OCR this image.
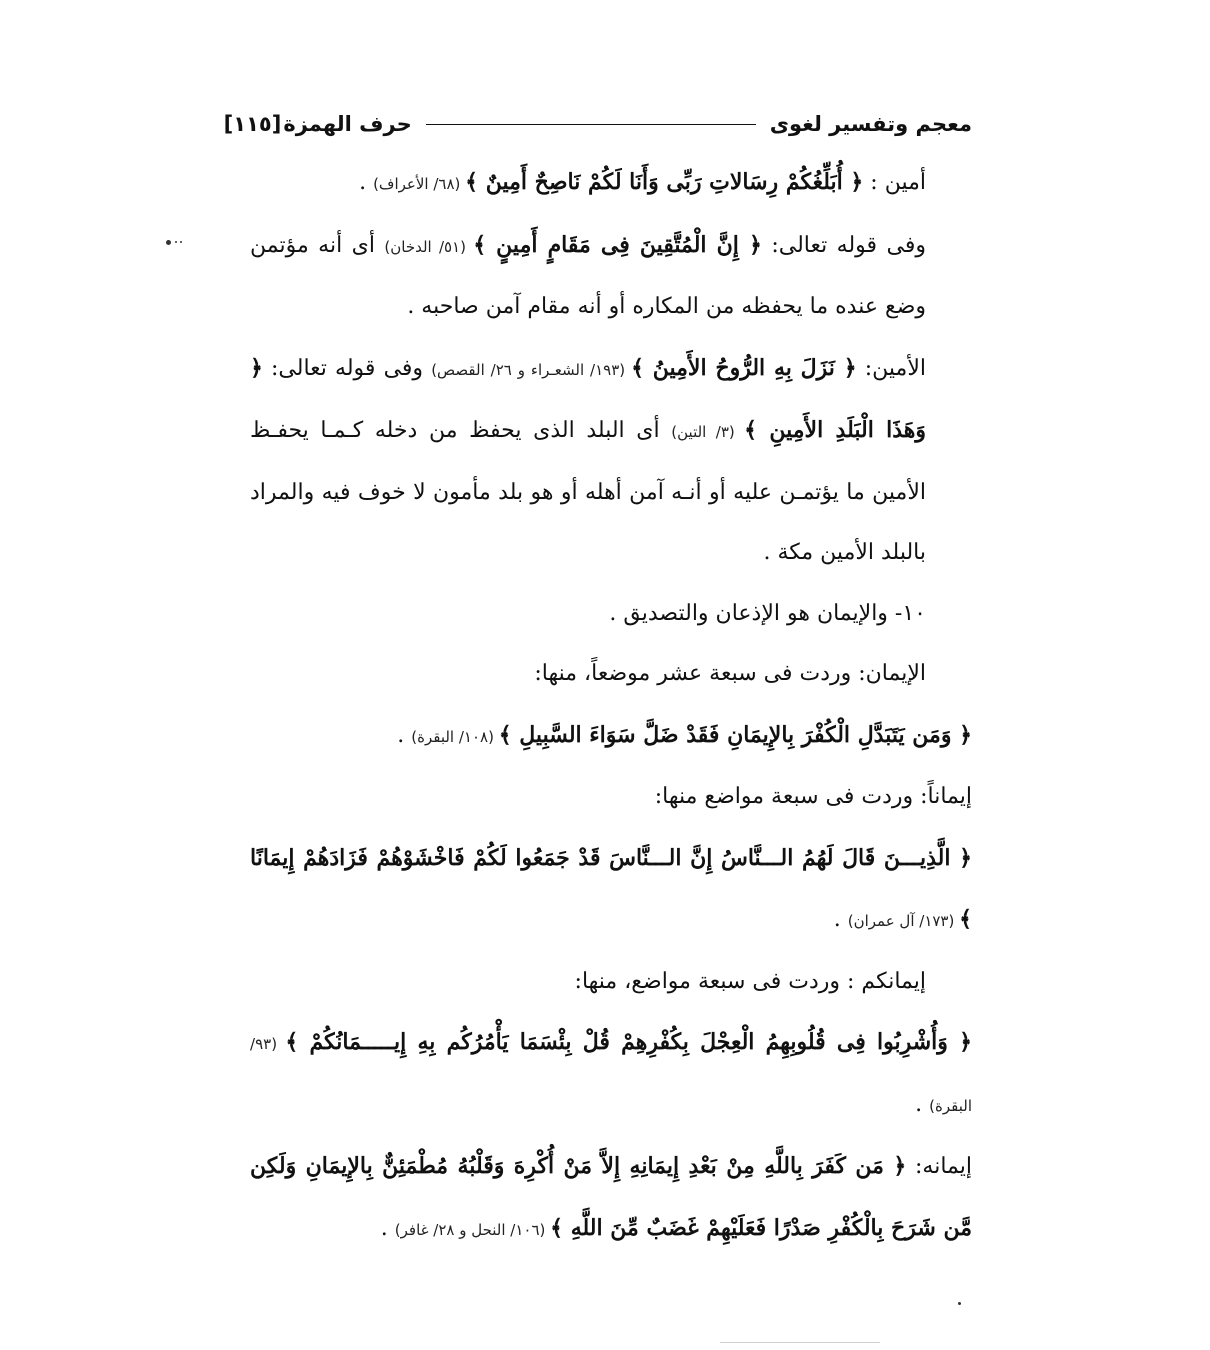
معجم وتفسير لغوى
حرف الهمزة
[١١٥]

أمين : ﴿ أُبَلِّغُكُمْ رِسَالاتِ رَبِّى وَأَنَا لَكُمْ نَاصِحٌ أَمِينٌ ﴾ (٦٨/ الأعراف) .

وفى قوله تعالى: ﴿ إِنَّ الْمُتَّقِينَ فِى مَقَامٍ أَمِينٍ ﴾ (٥١/ الدخان) أى أنه مؤتمن وضع عنده ما يحفظه من المكاره أو أنه مقام آمن صاحبه .

الأمين: ﴿ نَزَلَ بِهِ الرُّوحُ الأَمِينُ ﴾ (١٩٣/ الشعـراء و ٢٦/ القصص) وفى قوله تعالى: ﴿ وَهَذَا الْبَلَدِ الأَمِينِ ﴾ (٣/ التين) أى البلد الذى يحفظ من دخله كـمـا يحفـظ الأمين ما يؤتمـن عليه أو أنـه آمن أهله أو هو بلد مأمون لا خوف فيه والمراد بالبلد الأمين مكة .

١٠- والإيمان هو الإذعان والتصديق .

الإيمان: وردت فى سبعة عشر موضعاً، منها:

﴿ وَمَن يَتَبَدَّلِ الْكُفْرَ بِالإِيمَانِ فَقَدْ ضَلَّ سَوَاءَ السَّبِيلِ ﴾ (١٠٨/ البقرة) .

إيماناً: وردت فى سبعة مواضع منها:

﴿ الَّذِيـــنَ قَالَ لَهُمُ الـــنَّاسُ إِنَّ الـــنَّاسَ قَدْ جَمَعُوا لَكُمْ فَاخْشَوْهُمْ فَزَادَهُمْ إِيمَانًا ﴾ (١٧٣/ آل عمران) .

إيمانكم : وردت فى سبعة مواضع، منها:

﴿ وَأُشْرِبُوا فِى قُلُوبِهِمُ الْعِجْلَ بِكُفْرِهِمْ قُلْ بِئْسَمَا يَأْمُرُكُم بِهِ إِيـــــمَانُكُمْ ﴾ (٩٣/ البقرة) .

إيمانه: ﴿ مَن كَفَرَ بِاللَّهِ مِنْ بَعْدِ إِيمَانِهِ إِلاَّ مَنْ أُكْرِهَ وَقَلْبُهُ مُطْمَئِنٌّ بِالإِيمَانِ وَلَكِن مَّن شَرَحَ بِالْكُفْرِ صَدْرًا فَعَلَيْهِمْ غَضَبٌ مِّنَ اللَّهِ ﴾ (١٠٦/ النحل و ٢٨/ غافر) .
